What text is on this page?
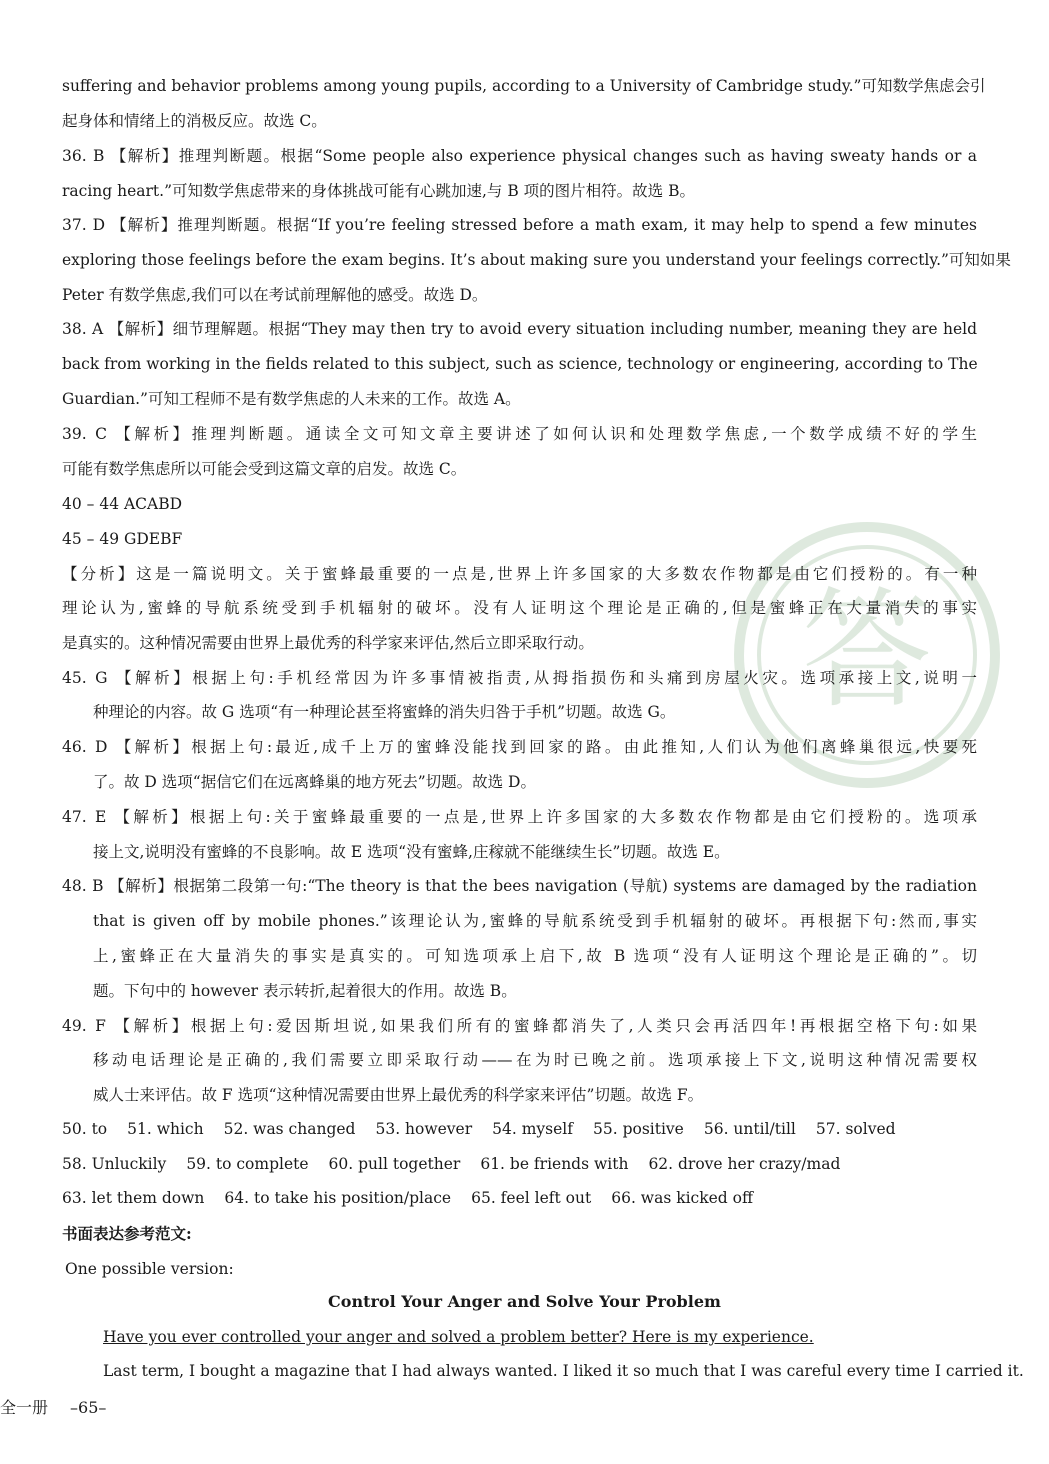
答
suffering and behavior problems among young pupils, according to a University of Cambridge study.”可知数学焦虑会引
起身体和情绪上的消极反应。故选 C。
36. B 【解析】推理判断题。根据“Some people also experience physical changes such as having sweaty hands or a
racing heart.”可知数学焦虑带来的身体挑战可能有心跳加速,与 B 项的图片相符。故选 B。
37. D 【解析】推理判断题。根据“If you’re feeling stressed before a math exam, it may help to spend a few minutes
exploring those feelings before the exam begins. It’s about making sure you understand your feelings correctly.”可知如果
Peter 有数学焦虑,我们可以在考试前理解他的感受。故选 D。
38. A 【解析】细节理解题。根据“They may then try to avoid every situation including number, meaning they are held
back from working in the fields related to this subject, such as science, technology or engineering, according to The
Guardian.”可知工程师不是有数学焦虑的人未来的工作。故选 A。
39. C 【解析】推理判断题。通读全文可知文章主要讲述了如何认识和处理数学焦虑,一个数学成绩不好的学生
可能有数学焦虑所以可能会受到这篇文章的启发。故选 C。
40 – 44 ACABD
45 – 49 GDEBF
【分析】这是一篇说明文。关于蜜蜂最重要的一点是,世界上许多国家的大多数农作物都是由它们授粉的。有一种
理论认为,蜜蜂的导航系统受到手机辐射的破坏。没有人证明这个理论是正确的,但是蜜蜂正在大量消失的事实
是真实的。这种情况需要由世界上最优秀的科学家来评估,然后立即采取行动。
45. G 【解析】根据上句:手机经常因为许多事情被指责,从拇指损伤和头痛到房屋火灾。选项承接上文,说明一
种理论的内容。故 G 选项“有一种理论甚至将蜜蜂的消失归咎于手机”切题。故选 G。
46. D 【解析】根据上句:最近,成千上万的蜜蜂没能找到回家的路。由此推知,人们认为他们离蜂巢很远,快要死
了。故 D 选项“据信它们在远离蜂巢的地方死去”切题。故选 D。
47. E 【解析】根据上句:关于蜜蜂最重要的一点是,世界上许多国家的大多数农作物都是由它们授粉的。选项承
接上文,说明没有蜜蜂的不良影响。故 E 选项“没有蜜蜂,庄稼就不能继续生长”切题。故选 E。
48. B 【解析】根据第二段第一句:“The theory is that the bees navigation (导航) systems are damaged by the radiation
that is given off by mobile phones.”该理论认为,蜜蜂的导航系统受到手机辐射的破坏。再根据下句:然而,事实
上,蜜蜂正在大量消失的事实是真实的。可知选项承上启下,故 B 选项“没有人证明这个理论是正确的”。切
题。下句中的 however 表示转折,起着很大的作用。故选 B。
49. F 【解析】根据上句:爱因斯坦说,如果我们所有的蜜蜂都消失了,人类只会再活四年!再根据空格下句:如果
移动电话理论是正确的,我们需要立即采取行动——在为时已晚之前。选项承接上下文,说明这种情况需要权
威人士来评估。故 F 选项“这种情况需要由世界上最优秀的科学家来评估”切题。故选 F。
50. to 51. which 52. was changed 53. however 54. myself 55. positive 56. until/till 57. solved
58. Unluckily 59. to complete 60. pull together 61. be friends with 62. drove her crazy/mad
63. let them down 64. to take his position/place 65. feel left out 66. was kicked off
书面表达参考范文:
One possible version:
Control Your Anger and Solve Your Problem
Have you ever controlled your anger and solved a problem better? Here is my experience.
Last term, I bought a magazine that I had always wanted. I liked it so much that I was careful every time I carried it.
全一册 –65–
